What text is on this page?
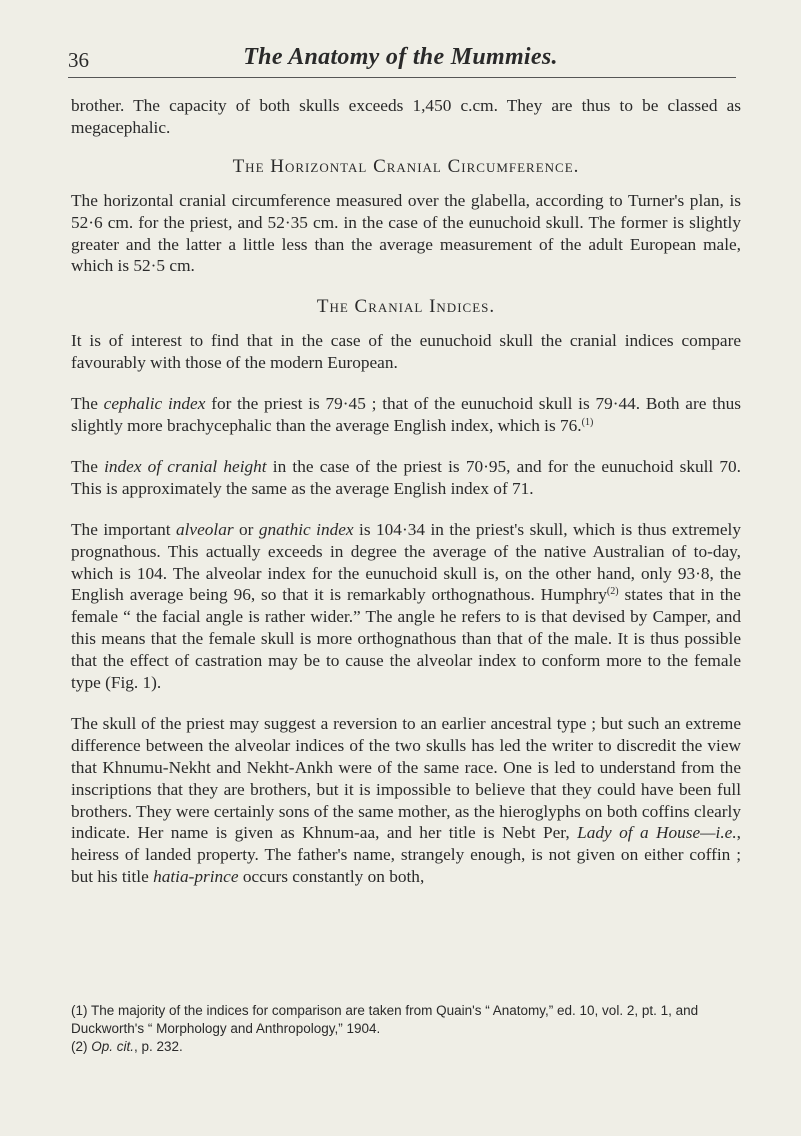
36	The Anatomy of the Mummies.

brother. The capacity of both skulls exceeds 1,450 c.cm. They are thus to be classed as megacephalic.

The Horizontal Cranial Circumference.

The horizontal cranial circumference measured over the glabella, according to Turner's plan, is 52·6 cm. for the priest, and 52·35 cm. in the case of the eunuchoid skull. The former is slightly greater and the latter a little less than the average measurement of the adult European male, which is 52·5 cm.

The Cranial Indices.

It is of interest to find that in the case of the eunuchoid skull the cranial indices compare favourably with those of the modern European.

The cephalic index for the priest is 79·45 ; that of the eunuchoid skull is 79·44. Both are thus slightly more brachycephalic than the average English index, which is 76.$^{(1)}$

The index of cranial height in the case of the priest is 70·95, and for the eunuchoid skull 70. This is approximately the same as the average English index of 71.

The important alveolar or gnathic index is 104·34 in the priest's skull, which is thus extremely prognathous. This actually exceeds in degree the average of the native Australian of to-day, which is 104. The alveolar index for the eunuchoid skull is, on the other hand, only 93·8, the English average being 96, so that it is remarkably orthognathous. Humphry$^{(2)}$ states that in the female “ the facial angle is rather wider.” The angle he refers to is that devised by Camper, and this means that the female skull is more orthognathous than that of the male. It is thus possible that the effect of castration may be to cause the alveolar index to conform more to the female type (Fig. 1).

The skull of the priest may suggest a reversion to an earlier ancestral type ; but such an extreme difference between the alveolar indices of the two skulls has led the writer to discredit the view that Khnumu-Nekht and Nekht-Ankh were of the same race. One is led to understand from the inscriptions that they are brothers, but it is impossible to believe that they could have been full brothers. They were certainly sons of the same mother, as the hieroglyphs on both coffins clearly indicate. Her name is given as Khnum-aa, and her title is Nebt Per, Lady of a House—i.e., heiress of landed property. The father's name, strangely enough, is not given on either coffin ; but his title hatia-prince occurs constantly on both,

(1) The majority of the indices for comparison are taken from Quain's “ Anatomy,” ed. 10, vol. 2, pt. 1, and Duckworth's “ Morphology and Anthropology,” 1904.

(2) Op. cit., p. 232.
